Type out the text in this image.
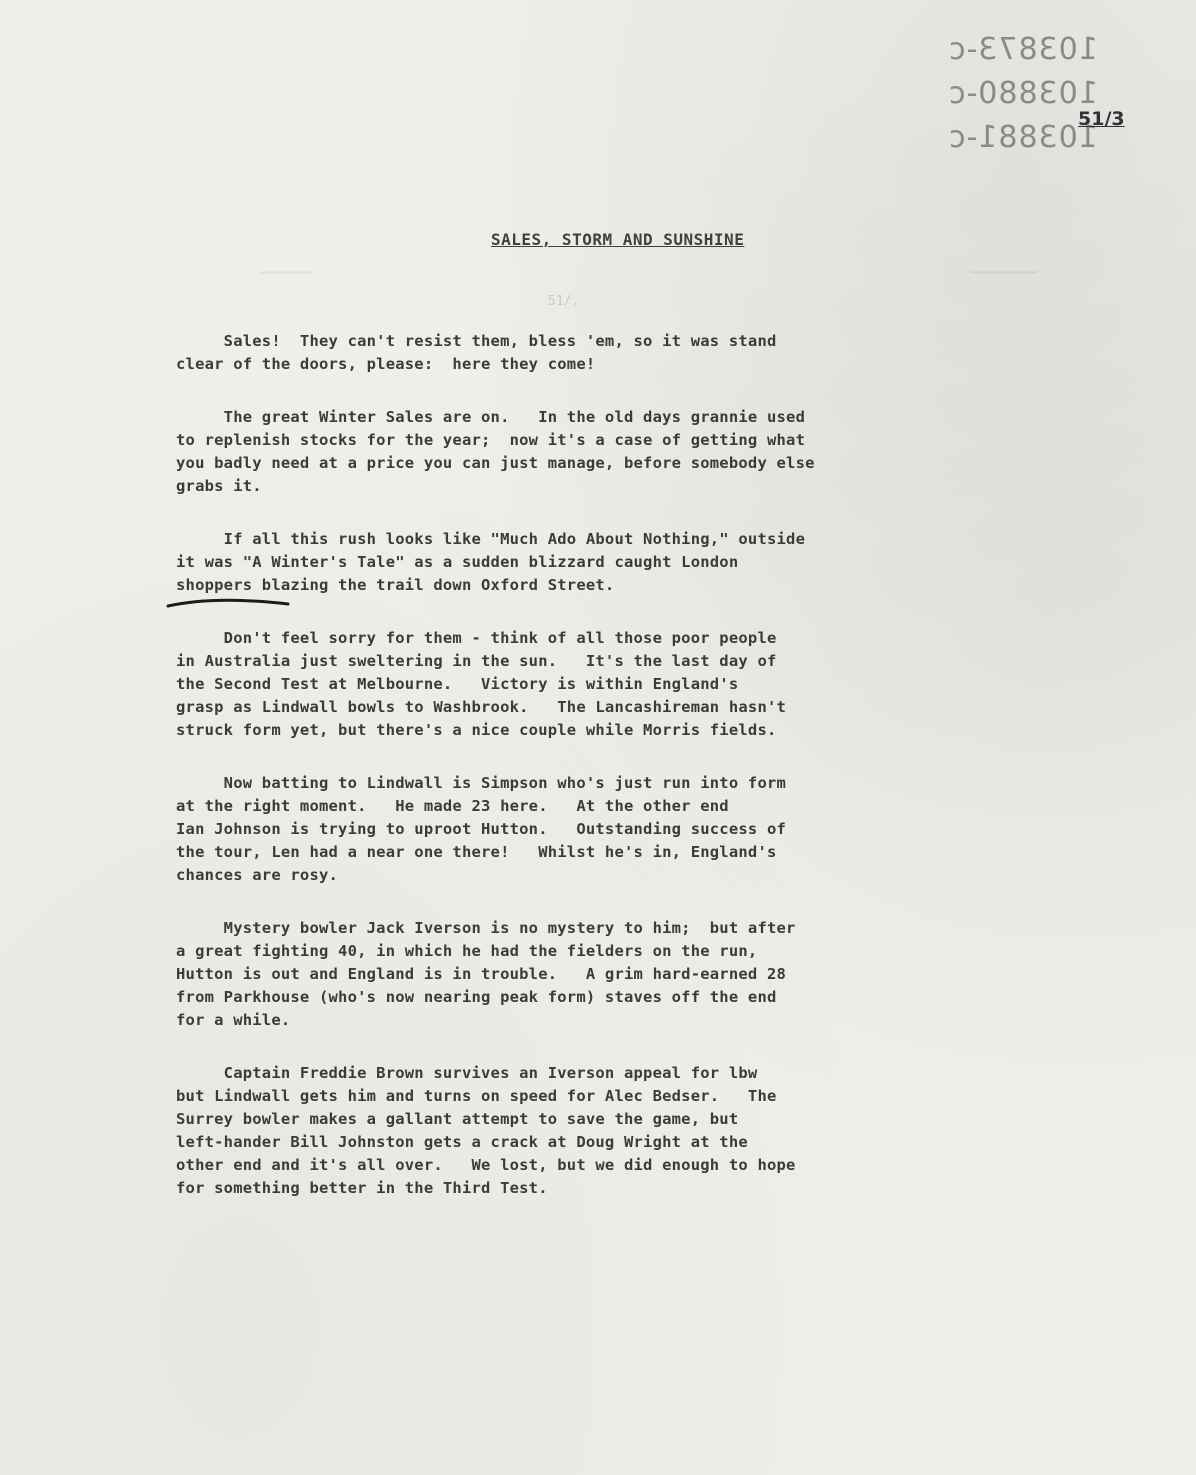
103873-c
103880-c
103881-c
51/3
SALES, STORM AND SUNSHINE
51/.
▁▁▁▁▁▁	▁▁▁▁▁▁▁▁
Sales!  They can't resist them, bless 'em, so it was stand
clear of the doors, please:  here they come!
The great Winter Sales are on.   In the old days grannie used
to replenish stocks for the year;  now it's a case of getting what
you badly need at a price you can just manage, before somebody else
grabs it.
If all this rush looks like "Much Ado About Nothing," outside
it was "A Winter's Tale" as a sudden blizzard caught London
shoppers blazing the trail down Oxford Street.
Don't feel sorry for them - think of all those poor people
in Australia just sweltering in the sun.   It's the last day of
the Second Test at Melbourne.   Victory is within England's
grasp as Lindwall bowls to Washbrook.   The Lancashireman hasn't
struck form yet, but there's a nice couple while Morris fields.
Now batting to Lindwall is Simpson who's just run into form
at the right moment.   He made 23 here.   At the other end
Ian Johnson is trying to uproot Hutton.   Outstanding success of
the tour, Len had a near one there!   Whilst he's in, England's
chances are rosy.
Mystery bowler Jack Iverson is no mystery to him;  but after
a great fighting 40, in which he had the fielders on the run,
Hutton is out and England is in trouble.   A grim hard-earned 28
from Parkhouse (who's now nearing peak form) staves off the end
for a while.
Captain Freddie Brown survives an Iverson appeal for lbw
but Lindwall gets him and turns on speed for Alec Bedser.   The
Surrey bowler makes a gallant attempt to save the game, but
left-hander Bill Johnston gets a crack at Doug Wright at the
other end and it's all over.   We lost, but we did enough to hope
for something better in the Third Test.
